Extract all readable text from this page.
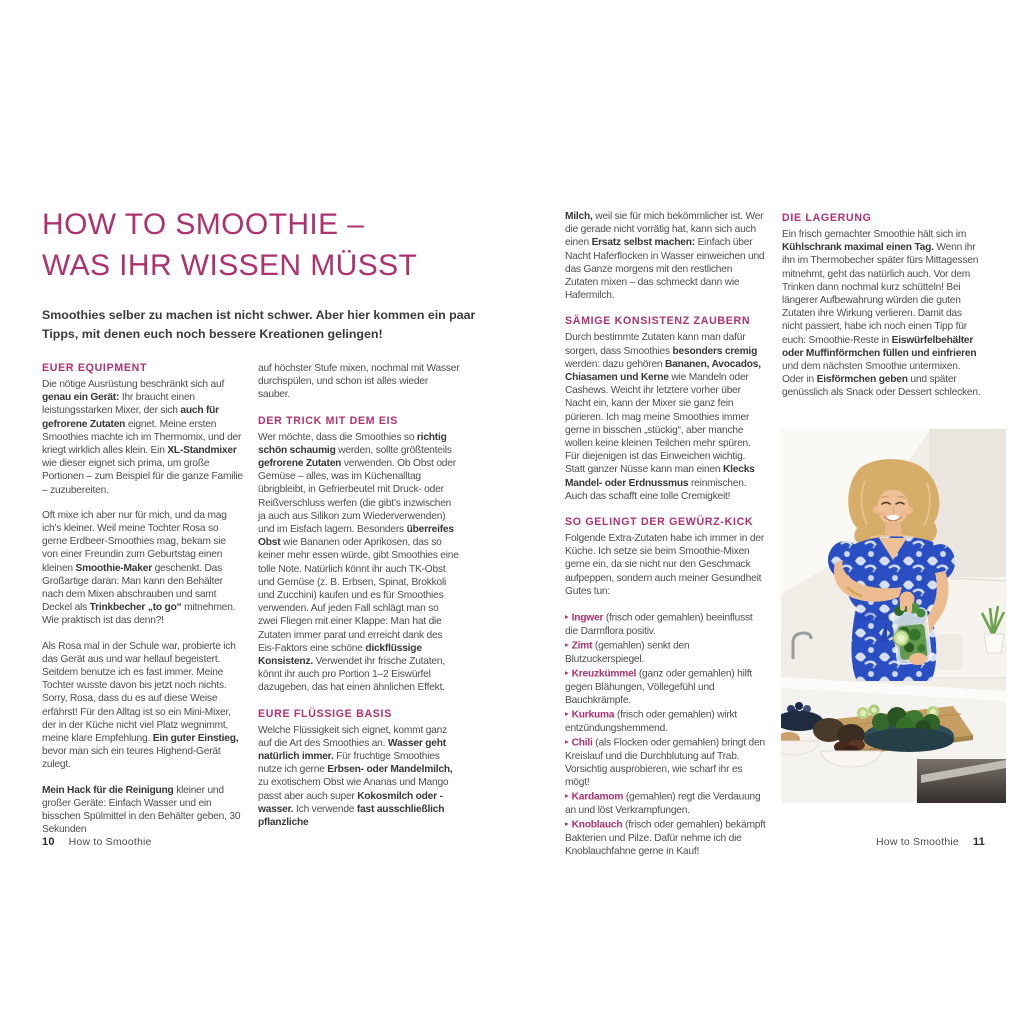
HOW TO SMOOTHIE –
WAS IHR WISSEN MÜSST
Smoothies selber zu machen ist nicht schwer. Aber hier kommen ein paar Tipps, mit denen euch noch bessere Kreationen gelingen!
EUER EQUIPMENT

Die nötige Ausrüstung beschränkt sich auf genau ein Gerät: Ihr braucht einen leistungsstarken Mixer, der sich auch für gefrorene Zutaten eignet. Meine ersten Smoothies machte ich im Thermomix, und der kriegt wirklich alles klein. Ein XL-Standmixer wie dieser eignet sich prima, um große Portionen – zum Beispiel für die ganze Familie – zuzubereiten.

Oft mixe ich aber nur für mich, und da mag ich’s kleiner. Weil meine Tochter Rosa so gerne Erdbeer-Smoothies mag, bekam sie von einer Freundin zum Geburtstag einen kleinen Smoothie-Maker geschenkt. Das Großartige daran: Man kann den Behälter nach dem Mixen abschrauben und samt Deckel als Trinkbecher „to go“ mitnehmen. Wie praktisch ist das denn?!

Als Rosa mal in der Schule war, probierte ich das Gerät aus und war hellauf begeistert. Seitdem benutze ich es fast immer. Meine Tochter wusste davon bis jetzt noch nichts. Sorry, Rosa, dass du es auf diese Weise erfährst! Für den Alltag ist so ein Mini-Mixer, der in der Küche nicht viel Platz wegnimmt, meine klare Empfehlung. Ein guter Einstieg, bevor man sich ein teures Highend-Gerät zulegt.

Mein Hack für die Reinigung kleiner und großer Geräte: Einfach Wasser und ein bisschen Spülmittel in den Behälter geben, 30 Sekunden

auf höchster Stufe mixen, nochmal mit Wasser durchspülen, und schon ist alles wieder sauber.

DER TRICK MIT DEM EIS

Wer möchte, dass die Smoothies so richtig schön schaumig werden, sollte größtenteils gefrorene Zutaten verwenden. Ob Obst oder Gemüse – alles, was im Küchenalltag übrigbleibt, in Gefrierbeutel mit Druck- oder Reißverschluss werfen (die gibt’s inzwischen ja auch aus Silikon zum Wiederverwenden) und im Eisfach lagern. Besonders überreifes Obst wie Bananen oder Aprikosen, das so keiner mehr essen würde, gibt Smoothies eine tolle Note. Natürlich könnt ihr auch TK-Obst und Gemüse (z. B. Erbsen, Spinat, Brokkoli und Zucchini) kaufen und es für Smoothies verwenden. Auf jeden Fall schlägt man so zwei Fliegen mit einer Klappe: Man hat die Zutaten immer parat und erreicht dank des Eis-Faktors eine schöne dickflüssige Konsistenz. Verwendet ihr frische Zutaten, könnt ihr auch pro Portion 1–2 Eiswürfel dazugeben, das hat einen ähnlichen Effekt.

EURE FLÜSSIGE BASIS

Welche Flüssigkeit sich eignet, kommt ganz auf die Art des Smoothies an. Wasser geht natürlich immer. Für fruchtige Smoothies nutze ich gerne Erbsen- oder Mandelmilch, zu exotischem Obst wie Ananas und Mango passt aber auch super Kokosmilch oder -wasser. Ich verwende fast ausschließlich pflanzliche

Milch, weil sie für mich bekömmlicher ist. Wer die gerade nicht vorrätig hat, kann sich auch einen Ersatz selbst machen: Einfach über Nacht Haferflocken in Wasser einweichen und das Ganze morgens mit den restlichen Zutaten mixen – das schmeckt dann wie Hafermilch.

SÄMIGE KONSISTENZ ZAUBERN

Durch bestimmte Zutaten kann man dafür sorgen, dass Smoothies besonders cremig werden: dazu gehören Bananen, Avocados, Chiasamen und Kerne wie Mandeln oder Cashews. Weicht ihr letztere vorher über Nacht ein, kann der Mixer sie ganz fein pürieren. Ich mag meine Smoothies immer gerne in bisschen „stückig“, aber manche wollen keine kleinen Teilchen mehr spüren. Für diejenigen ist das Einweichen wichtig. Statt ganzer Nüsse kann man einen Klecks Mandel- oder Erdnussmus reinmischen. Auch das schafft eine tolle Cremigkeit!

SO GELINGT DER GEWÜRZ-KICK

Folgende Extra-Zutaten habe ich immer in der Küche. Ich setze sie beim Smoothie-Mixen gerne ein, da sie nicht nur den Geschmack aufpeppen, sondern auch meiner Gesundheit Gutes tun:

▸ Ingwer (frisch oder gemahlen) beeinflusst die Darmflora positiv.

▸ Zimt (gemahlen) senkt den Blutzuckerspiegel.

▸ Kreuzkümmel (ganz oder gemahlen) hilft gegen Blähungen, Völlegefühl und Bauchkrämpfe.

▸ Kurkuma (frisch oder gemahlen) wirkt entzündungshemmend.

▸ Chili (als Flocken oder gemahlen) bringt den Kreislauf und die Durchblutung auf Trab. Vorsichtig ausprobieren, wie scharf ihr es mögt!

▸ Kardamom (gemahlen) regt die Verdauung an und löst Verkrampfungen.

▸ Knoblauch (frisch oder gemahlen) bekämpft Bakterien und Pilze. Dafür nehme ich die Knoblauchfahne gerne in Kauf!

DIE LAGERUNG

Ein frisch gemachter Smoothie hält sich im Kühlschrank maximal einen Tag. Wenn ihr ihn im Thermobecher später fürs Mittagessen mitnehmt, geht das natürlich auch. Vor dem Trinken dann nochmal kurz schütteln! Bei längerer Aufbewahrung würden die guten Zutaten ihre Wirkung verlieren. Damit das nicht passiert, habe ich noch einen Tipp für euch: Smoothie-Reste in Eiswürfelbehälter oder Muffinförmchen füllen und einfrieren und dem nächsten Smoothie untermixen. Oder in Eisförmchen geben und später genüsslich als Snack oder Dessert schlecken.

10 How to Smoothie	How to Smoothie 11
